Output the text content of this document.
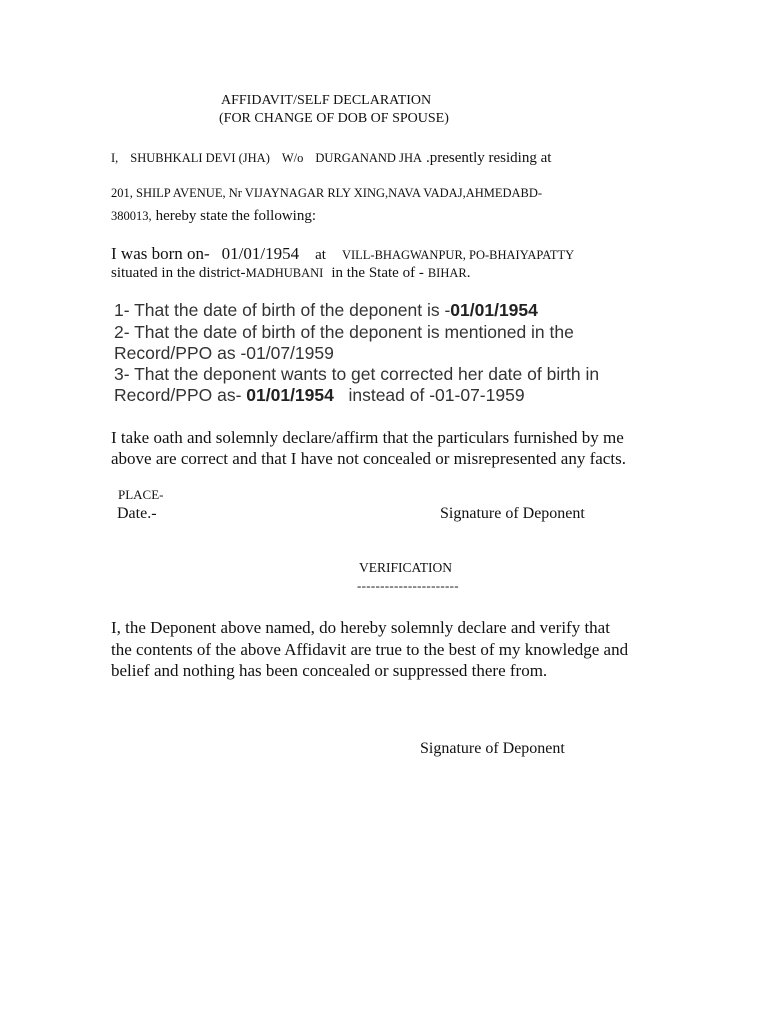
AFFIDAVIT/SELF DECLARATION
(FOR CHANGE OF DOB OF SPOUSE)
I, SHUBHKALI DEVI (JHA) W/o DURGANAND JHA .presently residing at
201, SHILP AVENUE, Nr VIJAYNAGAR RLY XING,NAVA VADAJ,AHMEDABD-
380013, hereby state the following:
I was born on- 01/01/1954 at VILL-BHAGWANPUR, PO-BHAIYAPATTY
situated in the district-MADHUBANI in the State of - BIHAR.
1- That the date of birth of the deponent is -01/01/1954
2- That the date of birth of the deponent is mentioned in the
Record/PPO as -01/07/1959
3- That the deponent wants to get corrected her date of birth in
Record/PPO as- 01/01/1954 instead of -01-07-1959
I take oath and solemnly declare/affirm that the particulars furnished by me
above are correct and that I have not concealed or misrepresented any facts.
PLACE-
Date.-	Signature of Deponent
VERIFICATION
----------------------
I, the Deponent above named, do hereby solemnly declare and verify that
the contents of the above Affidavit are true to the best of my knowledge and
belief and nothing has been concealed or suppressed there from.
Signature of Deponent
